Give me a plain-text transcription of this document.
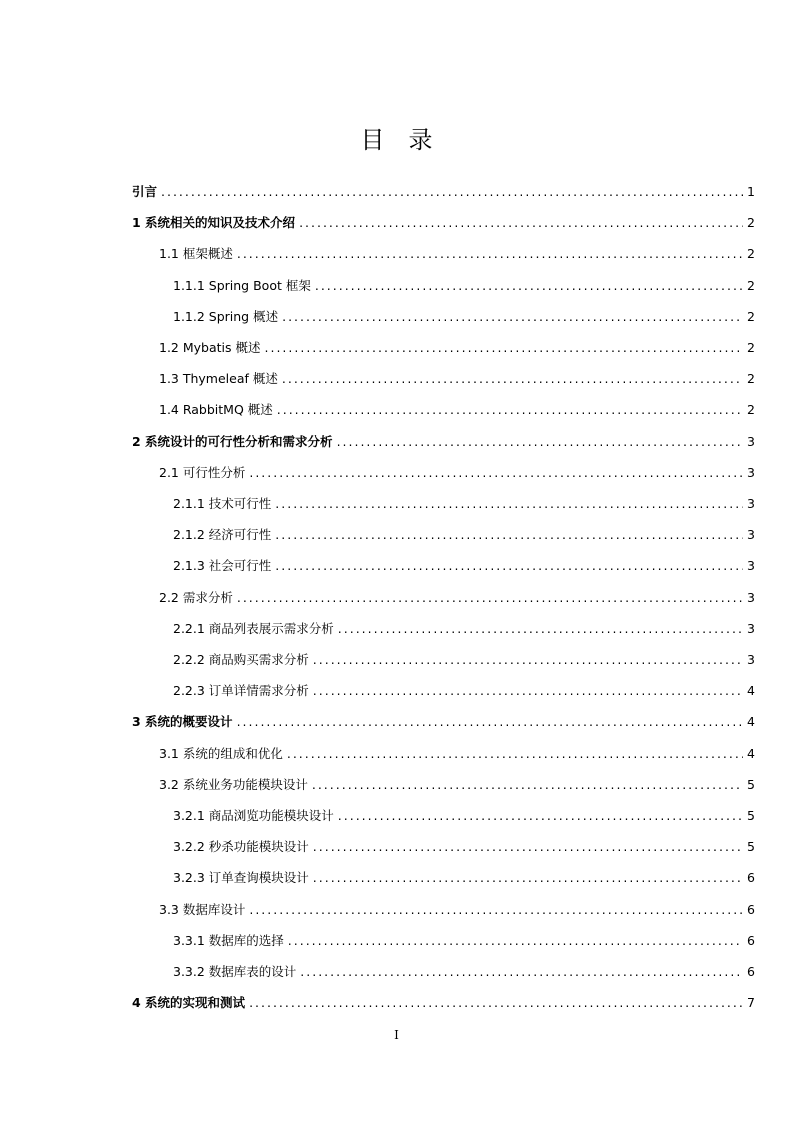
目　录
引言 .....	1
1 系统相关的知识及技术介绍 .....	2
1.1 框架概述 .....	2
1.1.1 Spring Boot 框架 .....	2
1.1.2 Spring 概述 .....	2
1.2 Mybatis 概述 .....	2
1.3 Thymeleaf 概述 .....	2
1.4 RabbitMQ 概述 .....	2
2 系统设计的可行性分析和需求分析 .....	3
2.1 可行性分析 .....	3
2.1.1 技术可行性 .....	3
2.1.2 经济可行性 .....	3
2.1.3 社会可行性 .....	3
2.2 需求分析 .....	3
2.2.1 商品列表展示需求分析 .....	3
2.2.2 商品购买需求分析 .....	3
2.2.3 订单详情需求分析 .....	4
3 系统的概要设计 .....	4
3.1 系统的组成和优化 .....	4
3.2 系统业务功能模块设计 .....	5
3.2.1 商品浏览功能模块设计 .....	5
3.2.2 秒杀功能模块设计 .....	5
3.2.3 订单查询模块设计 .....	6
3.3 数据库设计 .....	6
3.3.1 数据库的选择 .....	6
3.3.2 数据库表的设计 .....	6
4 系统的实现和测试 .....	7
I
